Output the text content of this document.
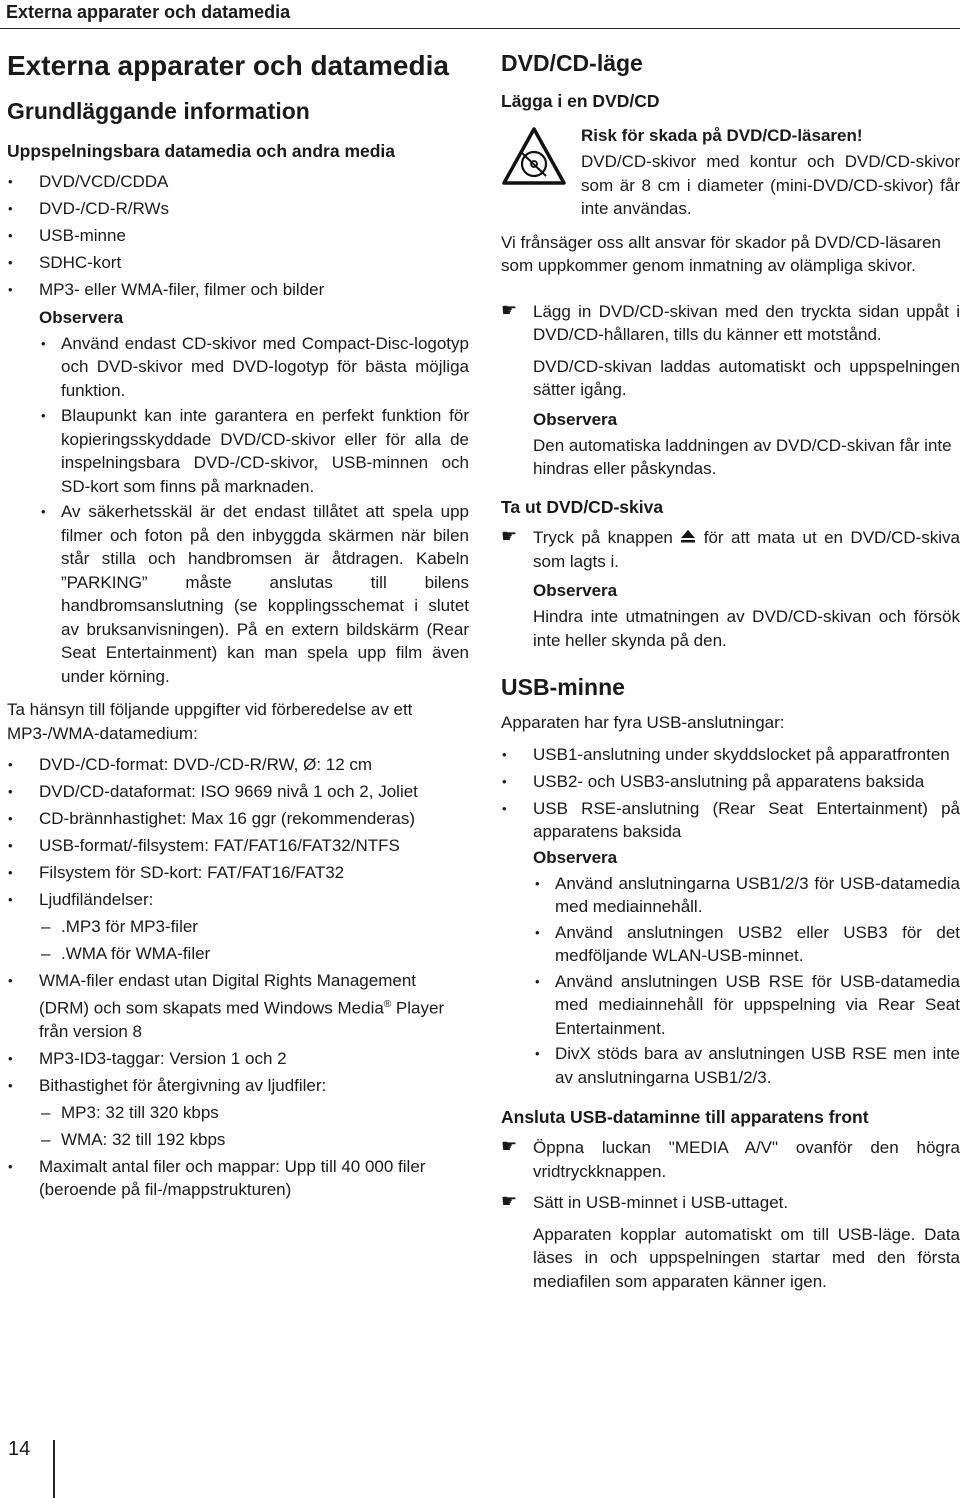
Externa apparater och datamedia
Externa apparater och datamedia
Grundläggande information
Uppspelningsbara datamedia och andra media
• DVD/VCD/CDDA
• DVD-/CD-R/RWs
• USB-minne
• SDHC-kort
• MP3- eller WMA-filer, filmer och bilder
Observera
• Använd endast CD-skivor med Compact-Disc-logotyp och DVD-skivor med DVD-logotyp för bästa möjliga funktion.
• Blaupunkt kan inte garantera en perfekt funktion för kopieringsskyddade DVD/CD-skivor eller för alla de inspelningsbara DVD-/CD-skivor, USB-minnen och SD-kort som finns på marknaden.
• Av säkerhetsskäl är det endast tillåtet att spela upp filmer och foton på den inbyggda skärmen när bilen står stilla och handbromsen är åtdragen. Kabeln ”PARKING” måste anslutas till bilens handbromsanslutning (se kopplingsschemat i slutet av bruksanvisningen). På en extern bildskärm (Rear Seat Entertainment) kan man spela upp film även under körning.

Ta hänsyn till följande uppgifter vid förberedelse av ett MP3-/WMA-datamedium:

• DVD-/CD-format: DVD-/CD-R/RW, Ø: 12 cm
• DVD/CD-dataformat: ISO 9669 nivå 1 och 2, Joliet
• CD-brännhastighet: Max 16 ggr (rekommenderas)
• USB-format/-filsystem: FAT/FAT16/FAT32/NTFS
• Filsystem för SD-kort: FAT/FAT16/FAT32
• Ljudfiländelser:
– .MP3 för MP3-filer
– .WMA för WMA-filer
• WMA-filer endast utan Digital Rights Management (DRM) och som skapats med Windows Media® Player från version 8
• MP3-ID3-taggar: Version 1 och 2
• Bithastighet för återgivning av ljudfiler:
– MP3: 32 till 320 kbps
– WMA: 32 till 192 kbps
• Maximalt antal filer och mappar: Upp till 40 000 filer (beroende på fil-/mappstrukturen)
DVD/CD-läge
Lägga i en DVD/CD
Risk för skada på DVD/CD-läsaren!

DVD/CD-skivor med kontur och DVD/CD-skivor som är 8 cm i diameter (mini-DVD/CD-skivor) får inte användas.

Vi frånsäger oss allt ansvar för skador på DVD/CD-läsaren som uppkommer genom inmatning av olämpliga skivor.

☛ Lägg in DVD/CD-skivan med den tryckta sidan uppåt i DVD/CD-hållaren, tills du känner ett motstånd.

DVD/CD-skivan laddas automatiskt och uppspelningen sätter igång.

Observera

Den automatiska laddningen av DVD/CD-skivan får inte hindras eller påskyndas.

Ta ut DVD/CD-skiva
☛ Tryck på knappen  för att mata ut en DVD/CD-skiva som lagts i.
Observera

Hindra inte utmatningen av DVD/CD-skivan och försök inte heller skynda på den.

USB-minne

Apparaten har fyra USB-anslutningar:

• USB1-anslutning under skyddslocket på apparatfronten
• USB2- och USB3-anslutning på apparatens baksida
• USB RSE-anslutning (Rear Seat Entertainment) på apparatens baksida
Observera
• Använd anslutningarna USB1/2/3 för USB-datamedia med mediainnehåll.
• Använd anslutningen USB2 eller USB3 för det medföljande WLAN-USB-minnet.
• Använd anslutningen USB RSE för USB-datamedia med mediainnehåll för uppspelning via Rear Seat Entertainment.
• DivX stöds bara av anslutningen USB RSE men inte av anslutningarna USB1/2/3.
Ansluta USB-dataminne till apparatens front
☛ Öppna luckan "MEDIA A/V" ovanför den högra vridtryckknappen.
☛ Sätt in USB-minnet i USB-uttaget.

Apparaten kopplar automatiskt om till USB-läge. Data läses in och uppspelningen startar med den första mediafilen som apparaten känner igen.

14
